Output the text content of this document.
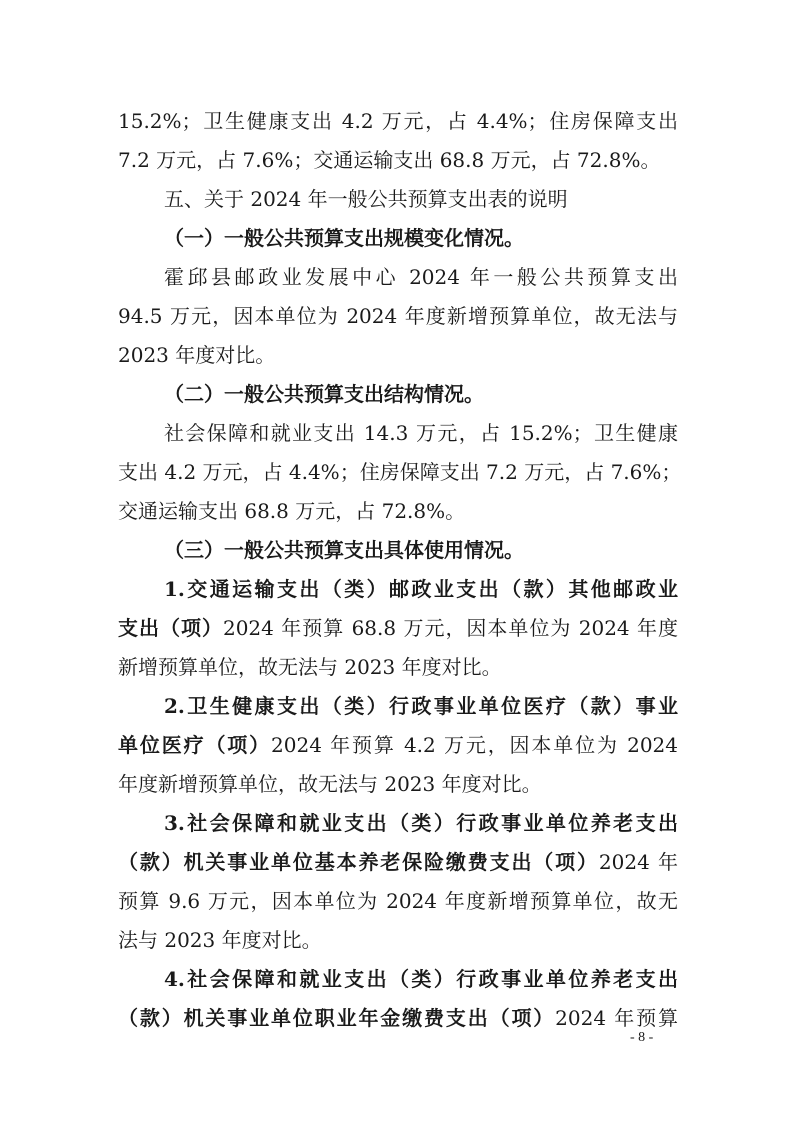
15.2%；卫生健康支出 4.2 万元，占 4.4%；住房保障支出
7.2 万元，占 7.6%；交通运输支出 68.8 万元，占 72.8%。
五、关于 2024 年一般公共预算支出表的说明
（一）一般公共预算支出规模变化情况。
霍邱县邮政业发展中心 2024 年一般公共预算支出
94.5 万元，因本单位为 2024 年度新增预算单位，故无法与
2023 年度对比。
（二）一般公共预算支出结构情况。
社会保障和就业支出 14.3 万元，占 15.2%；卫生健康
支出 4.2 万元，占 4.4%；住房保障支出 7.2 万元，占 7.6%；
交通运输支出 68.8 万元，占 72.8%。
（三）一般公共预算支出具体使用情况。
1.交通运输支出（类）邮政业支出（款）其他邮政业
支出（项）2024 年预算 68.8 万元，因本单位为 2024 年度
新增预算单位，故无法与 2023 年度对比。
2.卫生健康支出（类）行政事业单位医疗（款）事业
单位医疗（项）2024 年预算 4.2 万元，因本单位为 2024
年度新增预算单位，故无法与 2023 年度对比。
3.社会保障和就业支出（类）行政事业单位养老支出
（款）机关事业单位基本养老保险缴费支出（项）2024 年
预算 9.6 万元，因本单位为 2024 年度新增预算单位，故无
法与 2023 年度对比。
4.社会保障和就业支出（类）行政事业单位养老支出
（款）机关事业单位职业年金缴费支出（项）2024 年预算
- 8 -
